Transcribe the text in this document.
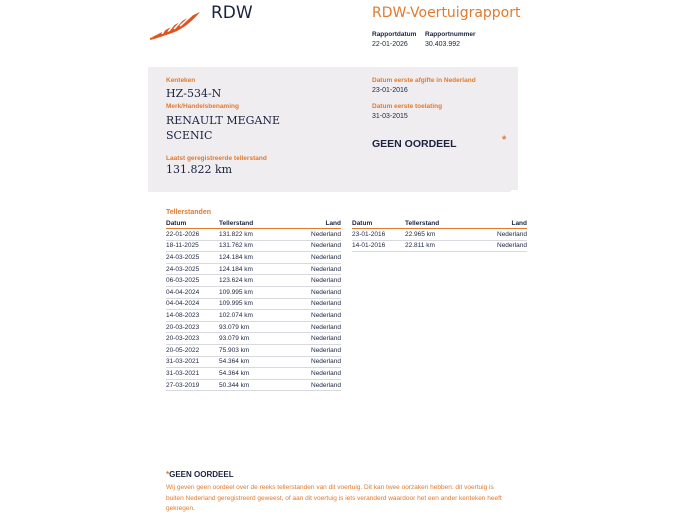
RDW	RDW-Voertuigrapport
Rapportdatum Rapportnummer
22-01-2026 30.403.992
Kenteken
HZ-534-N
Merk/Handelsbenaming
RENAULT MEGANE
SCENIC
Laatst geregistreerde tellerstand
131.822 km
Datum eerste afgifte in Nederland
23-01-2016
Datum eerste toelating
31-03-2015
GEEN OORDEEL	*
Tellerstanden
Datum	Tellerstand	Land
22-01-2026	131.822 km	Nederland
18-11-2025	131.762 km	Nederland
24-03-2025	124.184 km	Nederland
24-03-2025	124.184 km	Nederland
06-03-2025	123.624 km	Nederland
04-04-2024	109.995 km	Nederland
04-04-2024	109.995 km	Nederland
14-08-2023	102.074 km	Nederland
20-03-2023	93.079 km	Nederland
20-03-2023	93.079 km	Nederland
20-05-2022	75.903 km	Nederland
31-03-2021	54.364 km	Nederland
31-03-2021	54.364 km	Nederland
27-03-2019	50.344 km	Nederland
Datum	Tellerstand	Land
23-01-2016	22.965 km	Nederland
14-01-2016	22.811 km	Nederland
*GEEN OORDEEL
Wij geven geen oordeel over de reeks tellerstanden van dit voertuig. Dit kan twee oorzaken hebben: dit voertuig is buiten Nederland geregistreerd geweest, of aan dit voertuig is iets veranderd waardoor het een ander kenteken heeft gekregen.
